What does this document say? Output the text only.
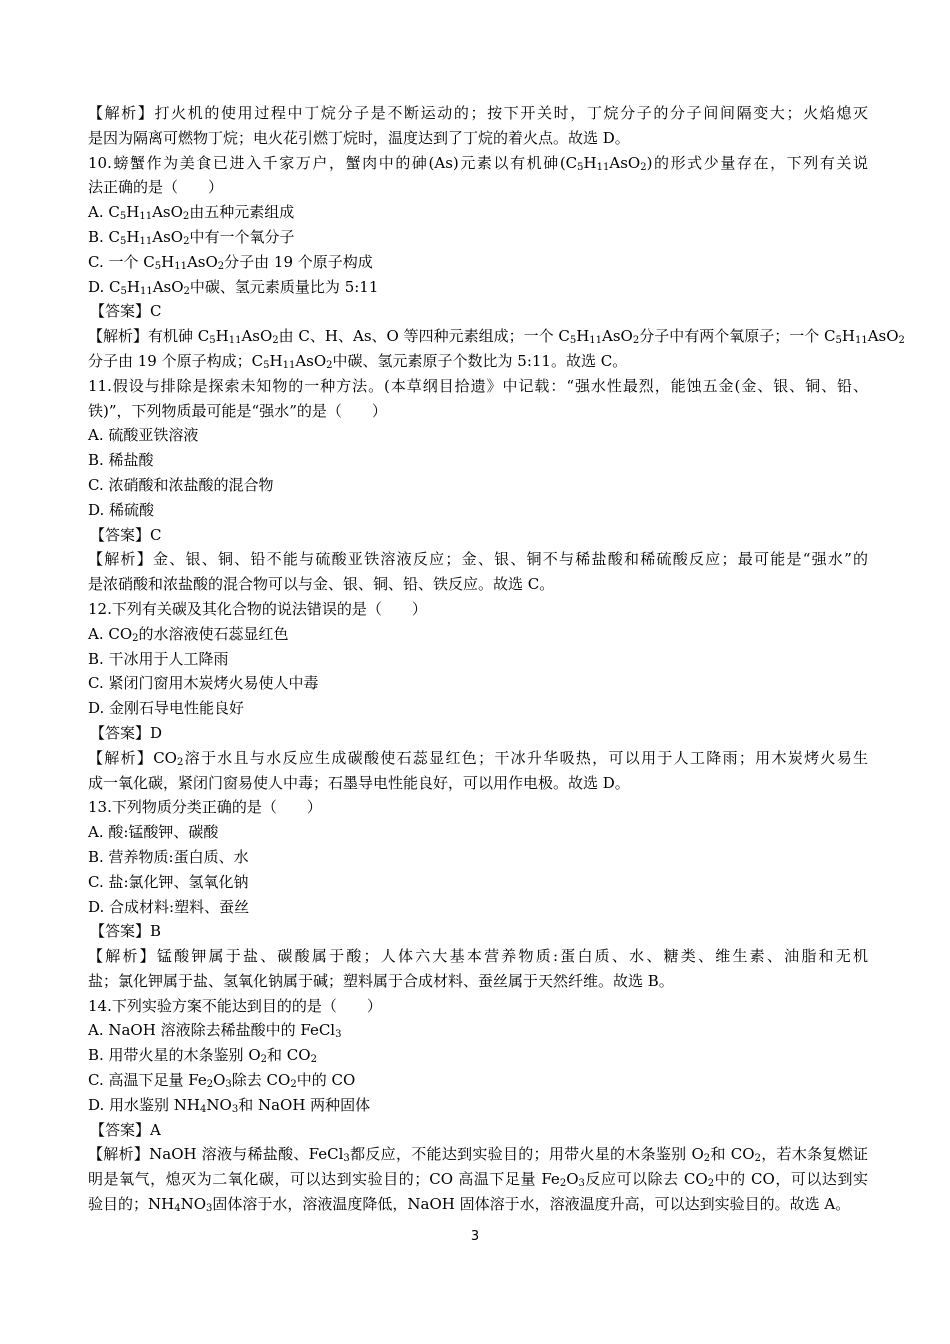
【解析】打火机的使用过程中丁烷分子是不断运动的；按下开关时，丁烷分子的分子间间隔变大；火焰熄灭
是因为隔离可燃物丁烷；电火花引燃丁烷时，温度达到了丁烷的着火点。故选 D。
10.螃蟹作为美食已进入千家万户，蟹肉中的砷(As)元素以有机砷$(C_5H_{11}AsO_2)$的形式少量存在，下列有关说
法正确的是（　　）
A. $C_5H_{11}AsO_2$由五种元素组成
B. $C_5H_{11}AsO_2$中有一个氧分子
C. 一个 $C_5H_{11}AsO_2$分子由 19 个原子构成
D. $C_5H_{11}AsO_2$中碳、氢元素质量比为 5:11
【答案】C
【解析】有机砷 $C_5H_{11}AsO_2$由 C、H、As、O 等四种元素组成；一个 $C_5H_{11}AsO_2$分子中有两个氧原子；一个 $C_5H_{11}AsO_2$
分子由 19 个原子构成；$C_5H_{11}AsO_2$中碳、氢元素原子个数比为 5:11。故选 C。
11.假设与排除是探索未知物的一种方法。(本草纲目拾遗》中记载：“强水性最烈，能蚀五金(金、银、铜、铅、
铁)”，下列物质最可能是“强水”的是（　　）
A. 硫酸亚铁溶液
B. 稀盐酸
C. 浓硝酸和浓盐酸的混合物
D. 稀硫酸
【答案】C
【解析】金、银、铜、铅不能与硫酸亚铁溶液反应；金、银、铜不与稀盐酸和稀硫酸反应；最可能是“强水”的
是浓硝酸和浓盐酸的混合物可以与金、银、铜、铅、铁反应。故选 C。
12.下列有关碳及其化合物的说法错误的是（　　）
A. $CO_2$的水溶液使石蕊显红色
B. 干冰用于人工降雨
C. 紧闭门窗用木炭烤火易使人中毒
D. 金刚石导电性能良好
【答案】D
【解析】$CO_2$溶于水且与水反应生成碳酸使石蕊显红色；干冰升华吸热，可以用于人工降雨；用木炭烤火易生
成一氧化碳，紧闭门窗易使人中毒；石墨导电性能良好，可以用作电极。故选 D。
13.下列物质分类正确的是（　　）
A. 酸:锰酸钾、碳酸
B. 营养物质:蛋白质、水
C. 盐:氯化钾、氢氧化钠
D. 合成材料:塑料、蚕丝
【答案】B
【解析】锰酸钾属于盐、碳酸属于酸；人体六大基本营养物质:蛋白质、水、糖类、维生素、油脂和无机
盐；氯化钾属于盐、氢氧化钠属于碱；塑料属于合成材料、蚕丝属于天然纤维。故选 B。
14.下列实验方案不能达到目的的是（　　）
A. NaOH 溶液除去稀盐酸中的 FeCl$_3$
B. 用带火星的木条鉴别 $O_2$和 $CO_2$
C. 高温下足量 $Fe_2O_3$除去 $CO_2$中的 CO
D. 用水鉴别 $NH_4NO_3$和 NaOH 两种固体
【答案】A
【解析】NaOH 溶液与稀盐酸、FeCl$_3$都反应，不能达到实验目的；用带火星的木条鉴别 $O_2$和 $CO_2$，若木条复燃证
明是氧气，熄灭为二氧化碳，可以达到实验目的；CO 高温下足量 $Fe_2O_3$反应可以除去 $CO_2$中的 CO，可以达到实
验目的；$NH_4NO_3$固体溶于水，溶液温度降低，NaOH 固体溶于水，溶液温度升高，可以达到实验目的。故选 A。
3
